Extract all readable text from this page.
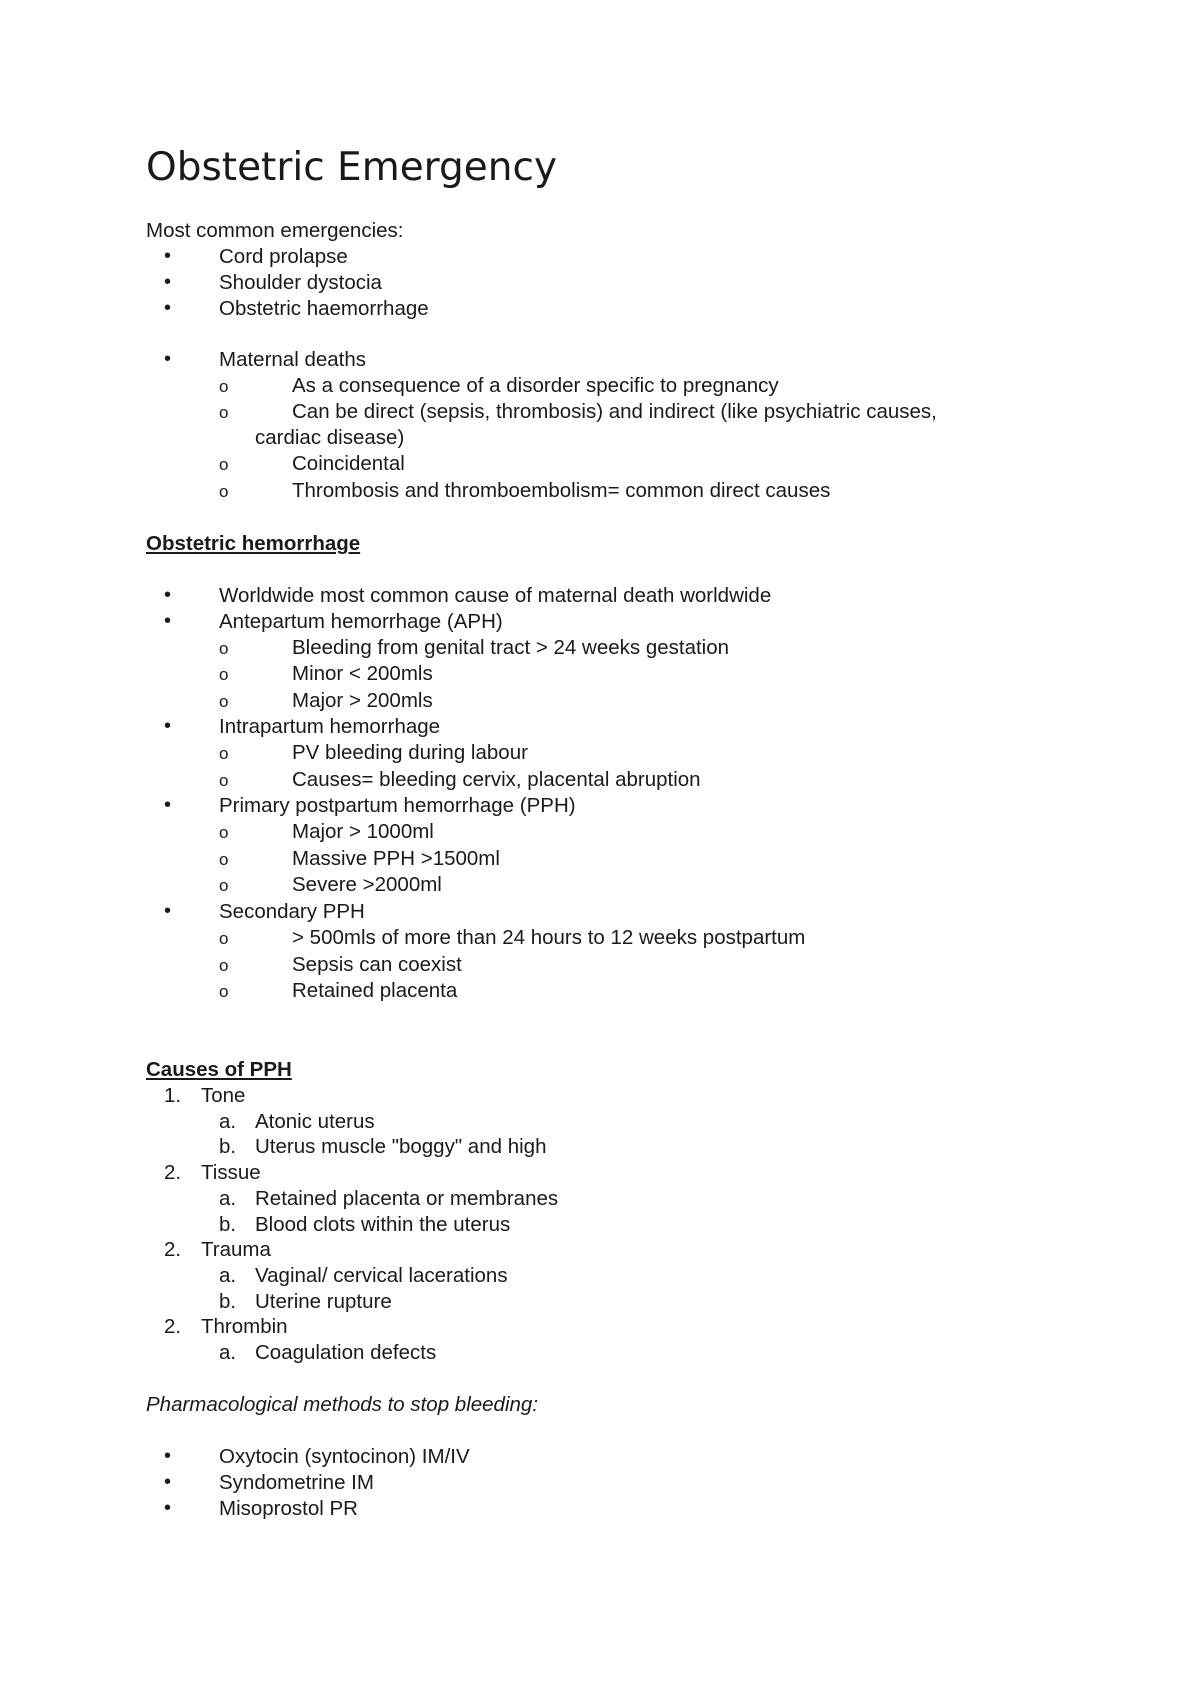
Obstetric Emergency
Most common emergencies:
• Cord prolapse
• Shoulder dystocia
• Obstetric haemorrhage
• Maternal deaths
o	As a consequence of a disorder specific to pregnancy
o	Can be direct (sepsis, thrombosis) and indirect (like psychiatric causes,
cardiac disease)
o	Coincidental
o	Thrombosis and thromboembolism= common direct causes
Obstetric hemorrhage
• Worldwide most common cause of maternal death worldwide
• Antepartum hemorrhage (APH)
o	Bleeding from genital tract > 24 weeks gestation
o	Minor < 200mls
o	Major > 200mls
• Intrapartum hemorrhage
o	PV bleeding during labour
o	Causes= bleeding cervix, placental abruption
• Primary postpartum hemorrhage (PPH)
o	Major > 1000ml
o	Massive PPH >1500ml
o	Severe >2000ml
• Secondary PPH
o	> 500mls of more than 24 hours to 12 weeks postpartum
o	Sepsis can coexist
o	Retained placenta
Causes of PPH
1. Tone
a. Atonic uterus
b. Uterus muscle "boggy" and high
2. Tissue
a. Retained placenta or membranes
b. Blood clots within the uterus
2. Trauma
a. Vaginal/ cervical lacerations
b. Uterine rupture
2. Thrombin
a. Coagulation defects
Pharmacological methods to stop bleeding:
• Oxytocin (syntocinon) IM/IV
• Syndometrine IM
• Misoprostol PR
